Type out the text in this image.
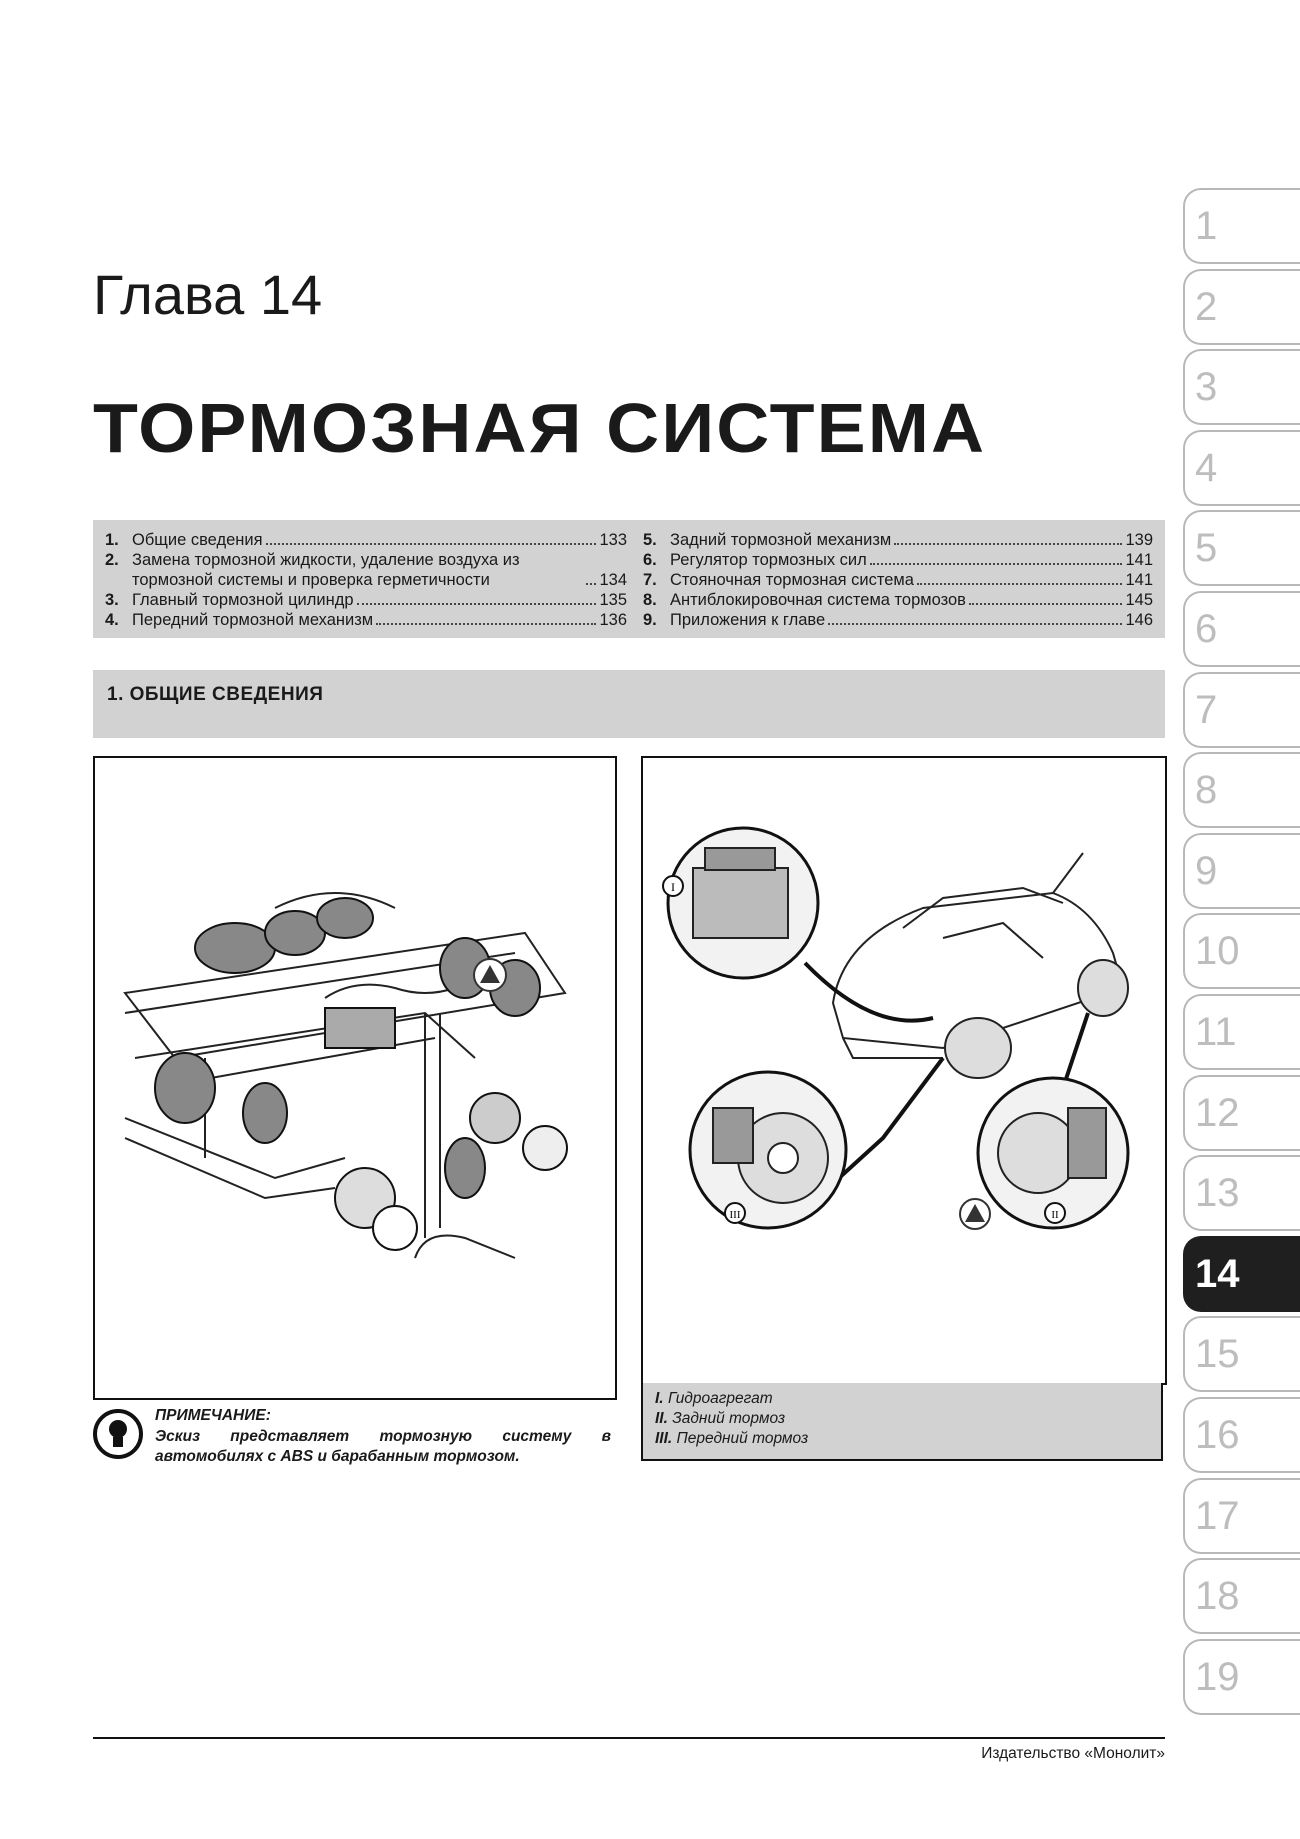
Глава 14
ТОРМОЗНАЯ СИСТЕМА
1. Общие сведения	133
2. Замена тормозной жидкости, удаление воздуха из тормозной системы и проверка герметичности	134
3. Главный тормозной цилиндр	135
4. Передний тормозной механизм	136
5. Задний тормозной механизм	139
6. Регулятор тормозных сил	141
7. Стояночная тормозная система	141
8. Антиблокировочная система тормозов	145
9. Приложения к главе	146
1. ОБЩИЕ СВЕДЕНИЯ
ПРИМЕЧАНИЕ:
Эскиз представляет тормозную систему в автомобилях с ABS и барабанным тормозом.
I
III	II
I. Гидроагрегат
II. Задний тормоз
III. Передний тормоз
Издательство «Монолит»
1
2
3
4
5
6
7
8
9
10
11
12
13
14
15
16
17
18
19
